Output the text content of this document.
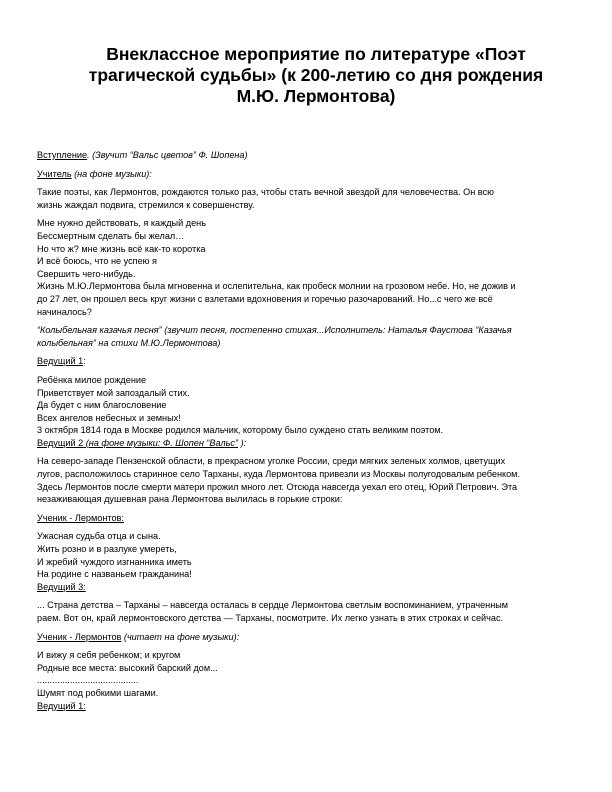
Внеклассное мероприятие по литературе «Поэт
трагической судьбы» (к 200-летию со дня рождения
М.Ю. Лермонтова)
Вступление. (Звучит “Вальс цветов” Ф. Шопена)
Учитель (на фоне музыки):
Такие поэты, как Лермонтов, рождаются только раз, чтобы стать вечной звездой для человечества. Он всю
жизнь жаждал подвига, стремился к совершенству.
Мне нужно действовать, я каждый день
Бессмертным сделать бы желал…
Но что ж? мне жизнь всё как-то коротка
И всё боюсь, что не успею я
Свершить чего-нибудь.
Жизнь М.Ю.Лермонтова была мгновенна и ослепительна, как пробеск молнии на грозовом небе. Но, не дожив и
до 27 лет, он прошел весь круг жизни с взлетами вдохновения и горечью разочарований. Но...с чего же всё
начиналось?
“Колыбельная казачья песня” (звучит песня, постепенно стихая...Исполнитель: Наталья Фаустова “Казачья
колыбельная” на стихи М.Ю.Лермонтова)
Ведущий 1:
Ребёнка милое рождение
Приветствует мой запоздалый стих.
Да будет с ним благословение
Всех ангелов небесных и земных!
3 октября 1814 года в Москве родился мальчик, которому было суждено стать великим поэтом.
Ведущий 2 (на фоне музыки: Ф. Шопен “Вальс” ):
На северо-западе Пензенской области, в прекрасном уголке России, среди мягких зеленых холмов, цветущих
лугов, расположилось старинное село Тарханы, куда Лермонтова привезли из Москвы полугодовалым ребенком.
Здесь Лермонтов после смерти матери прожил много лет. Отсюда навсегда уехал его отец, Юрий Петрович. Эта
незаживающая душевная рана Лермонтова вылилась в горькие строки:
Ученик - Лермонтов:
Ужасная судьба отца и сына.
Жить розно и в разлуке умереть,
И жребий чуждого изгнанника иметь
На родине с названьем гражданина!
Ведущий 3:
... Страна детства – Тарханы – навсегда осталась в сердце Лермонтова светлым воспоминанием, утраченным
раем. Вот он, край лермонтовского детства — Тарханы, посмотрите. Их легко узнать в этих строках и сейчас.
Ученик - Лермонтов (читает на фоне музыки):
И вижу я себя ребенком; и кругом
Родные все места: высокий барский дом...
........................................
Шумят под робкими шагами.
Ведущий 1:
